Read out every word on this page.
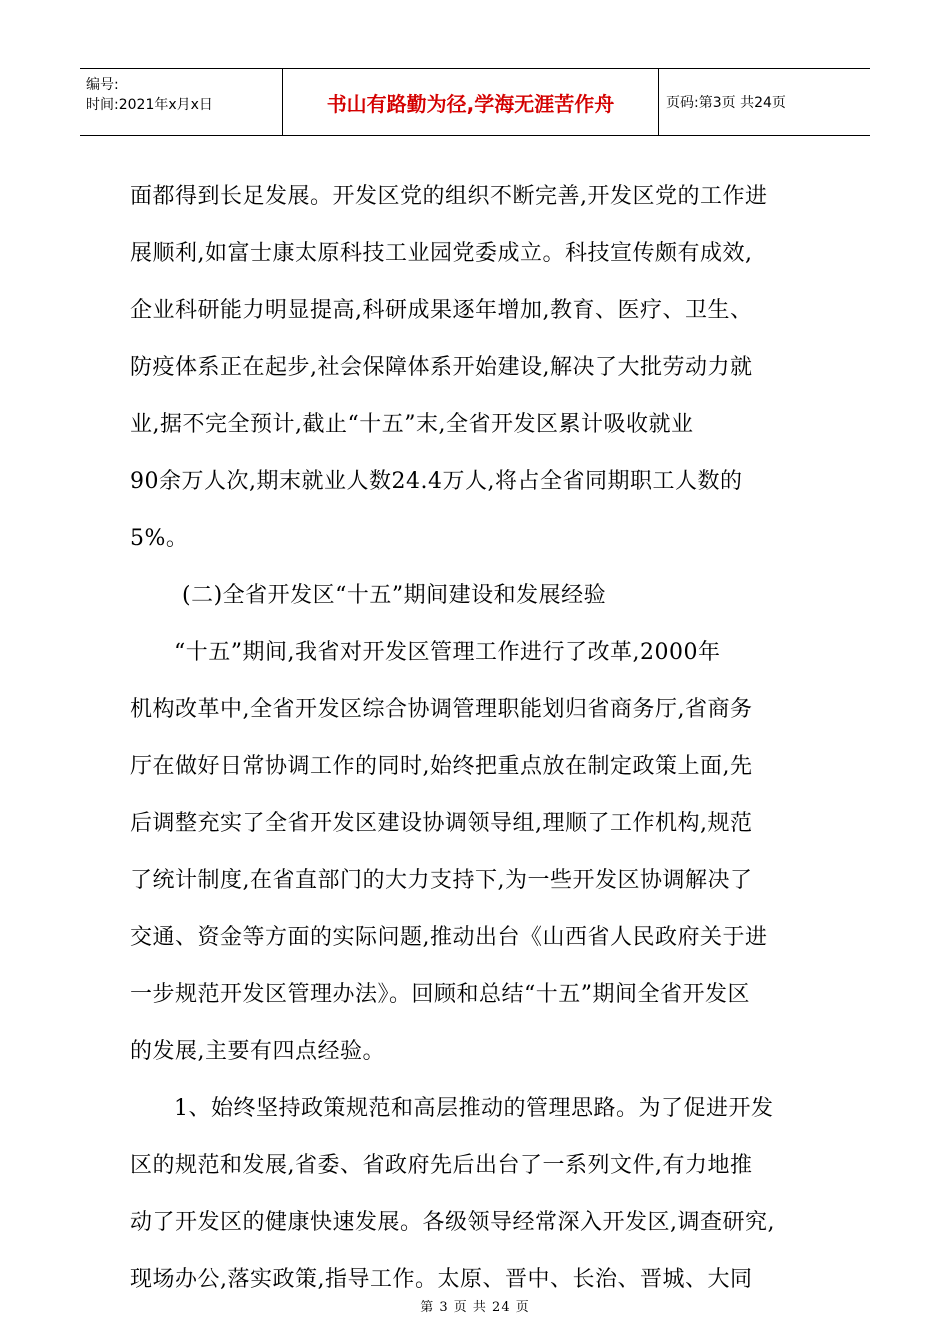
编号:
时间:2021年x月x日	书山有路勤为径,学海无涯苦作舟	页码:第3页 共24页
面都得到长足发展。开发区党的组织不断完善,开发区党的工作进
展顺利,如富士康太原科技工业园党委成立。科技宣传颇有成效,
企业科研能力明显提高,科研成果逐年增加,教育、医疗、卫生、
防疫体系正在起步,社会保障体系开始建设,解决了大批劳动力就
业,据不完全预计,截止“十五”末,全省开发区累计吸收就业
90余万人次,期末就业人数24.4万人,将占全省同期职工人数的
5%。
(二)全省开发区“十五”期间建设和发展经验
“十五”期间,我省对开发区管理工作进行了改革,2000年
机构改革中,全省开发区综合协调管理职能划归省商务厅,省商务
厅在做好日常协调工作的同时,始终把重点放在制定政策上面,先
后调整充实了全省开发区建设协调领导组,理顺了工作机构,规范
了统计制度,在省直部门的大力支持下,为一些开发区协调解决了
交通、资金等方面的实际问题,推动出台《山西省人民政府关于进
一步规范开发区管理办法》。回顾和总结“十五”期间全省开发区
的发展,主要有四点经验。
1、始终坚持政策规范和高层推动的管理思路。为了促进开发
区的规范和发展,省委、省政府先后出台了一系列文件,有力地推
动了开发区的健康快速发展。各级领导经常深入开发区,调查研究,
现场办公,落实政策,指导工作。太原、晋中、长治、晋城、大同
第 3 页 共 24 页
